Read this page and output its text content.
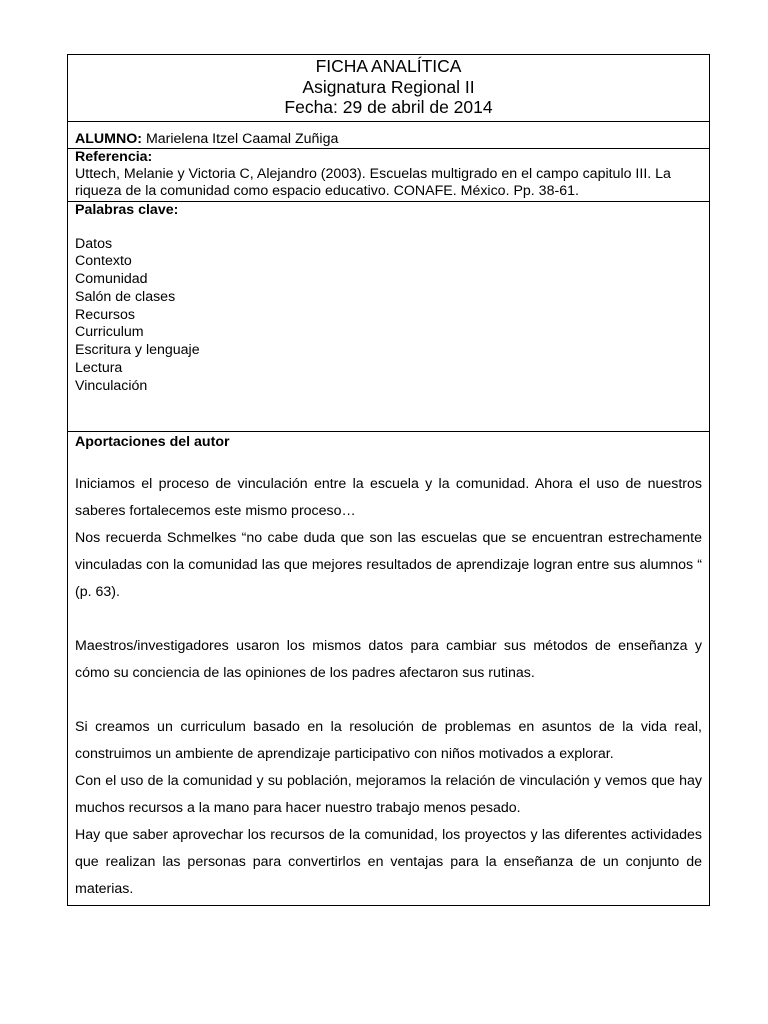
FICHA ANALÍTICA
Asignatura Regional II
Fecha: 29 de abril de 2014

ALUMNO: Marielena Itzel Caamal Zuñiga

Referencia:
Uttech, Melanie y Victoria C, Alejandro (2003). Escuelas multigrado en el campo capitulo III. La riqueza de la comunidad como espacio educativo. CONAFE. México. Pp. 38-61.

Palabras clave:
Datos
Contexto
Comunidad
Salón de clases
Recursos
Curriculum
Escritura y lenguaje
Lectura
Vinculación

Aportaciones del autor

Iniciamos el proceso de vinculación entre la escuela y la comunidad. Ahora el uso de nuestros saberes fortalecemos este mismo proceso…

Nos recuerda Schmelkes “no cabe duda que son las escuelas que se encuentran estrechamente vinculadas con la comunidad las que mejores resultados de aprendizaje logran entre sus alumnos “ (p. 63).

Maestros/investigadores usaron los mismos datos para cambiar sus métodos de enseñanza y cómo su conciencia de las opiniones de los padres afectaron sus rutinas.

Si creamos un curriculum basado en la resolución de problemas en asuntos de la vida real, construimos un ambiente de aprendizaje participativo con niños motivados a explorar.

Con el uso de la comunidad y su población, mejoramos la relación de vinculación y vemos que hay muchos recursos a la mano para hacer nuestro trabajo menos pesado.

Hay que saber aprovechar los recursos de la comunidad, los proyectos y las diferentes actividades que realizan las personas para convertirlos en ventajas para la enseñanza de un conjunto de materias.
